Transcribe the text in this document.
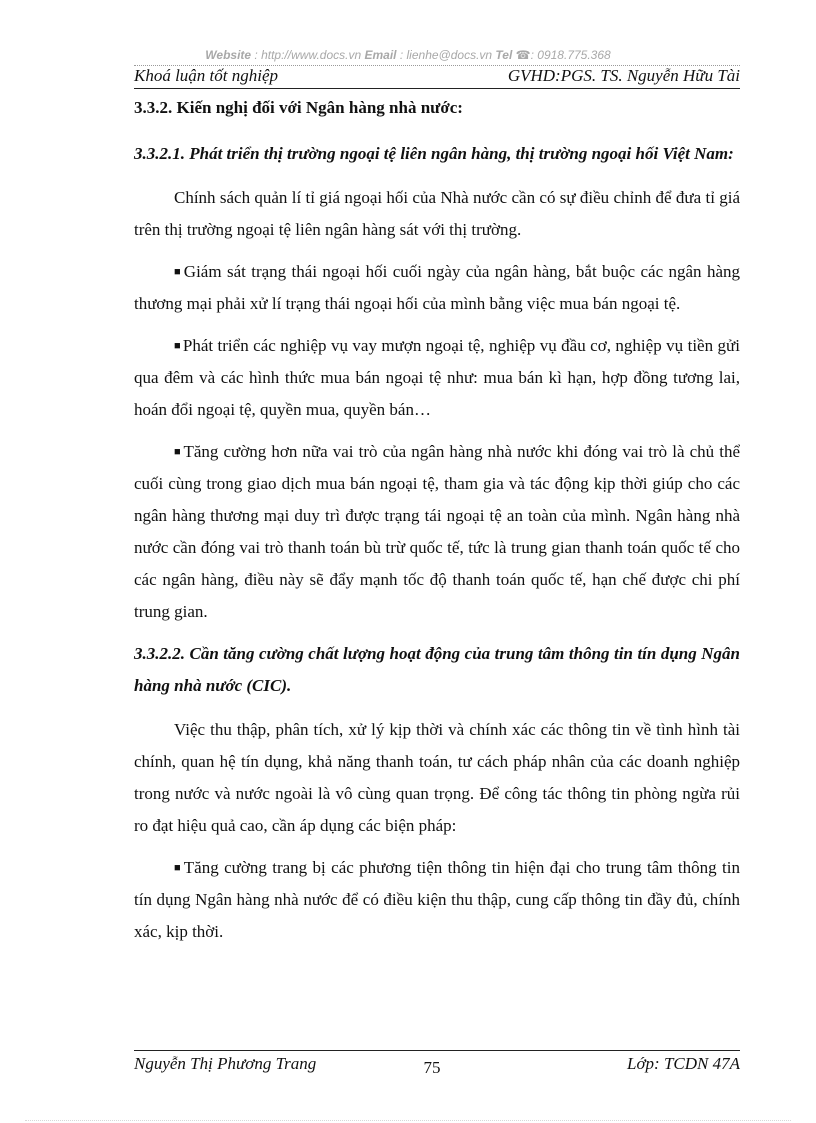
Website : http://www.docs.vn Email : lienhe@docs.vn Tel ☎: 0918.775.368
Khoá luận tốt nghiệp	GVHD:PGS. TS. Nguyễn Hữu Tài
3.3.2. Kiến nghị đối với Ngân hàng nhà nước:
3.3.2.1. Phát triển thị trường ngoại tệ liên ngân hàng, thị trường ngoại hối Việt Nam:
Chính sách quản lí tỉ giá ngoại hối của Nhà nước cần có sự điều chỉnh để đưa tỉ giá trên thị trường ngoại tệ liên ngân hàng sát với thị trường.
■ Giám sát trạng thái ngoại hối cuối ngày của ngân hàng, bắt buộc các ngân hàng thương mại phải xử lí trạng thái ngoại hối của mình bằng việc mua bán ngoại tệ.
■ Phát triển các nghiệp vụ vay mượn ngoại tệ, nghiệp vụ đầu cơ, nghiệp vụ tiền gửi qua đêm và các hình thức mua bán ngoại tệ như: mua bán kì hạn, hợp đồng tương lai, hoán đổi ngoại tệ, quyền mua, quyền bán…
■ Tăng cường hơn nữa vai trò của ngân hàng nhà nước khi đóng vai trò là chủ thể cuối cùng trong giao dịch mua bán ngoại tệ, tham gia và tác động kịp thời giúp cho các ngân hàng thương mại duy trì được trạng tái ngoại tệ an toàn của mình. Ngân hàng nhà nước cần đóng vai trò thanh toán bù trừ quốc tế, tức là trung gian thanh toán quốc tế cho các ngân hàng, điều này sẽ đẩy mạnh tốc độ thanh toán quốc tế, hạn chế được chi phí trung gian.
3.3.2.2. Cần tăng cường chất lượng hoạt động của trung tâm thông tin tín dụng Ngân hàng nhà nước (CIC).
Việc thu thập, phân tích, xử lý kịp thời và chính xác các thông tin về tình hình tài chính, quan hệ tín dụng, khả năng thanh toán, tư cách pháp nhân của các doanh nghiệp trong nước và nước ngoài là vô cùng quan trọng. Để công tác thông tin phòng ngừa rủi ro đạt hiệu quả cao, cần áp dụng các biện pháp:
■ Tăng cường trang bị các phương tiện thông tin hiện đại cho trung tâm thông tin tín dụng Ngân hàng nhà nước để có điều kiện thu thập, cung cấp thông tin đầy đủ, chính xác, kịp thời.
Nguyễn Thị Phương Trang	75	Lớp: TCDN 47A
